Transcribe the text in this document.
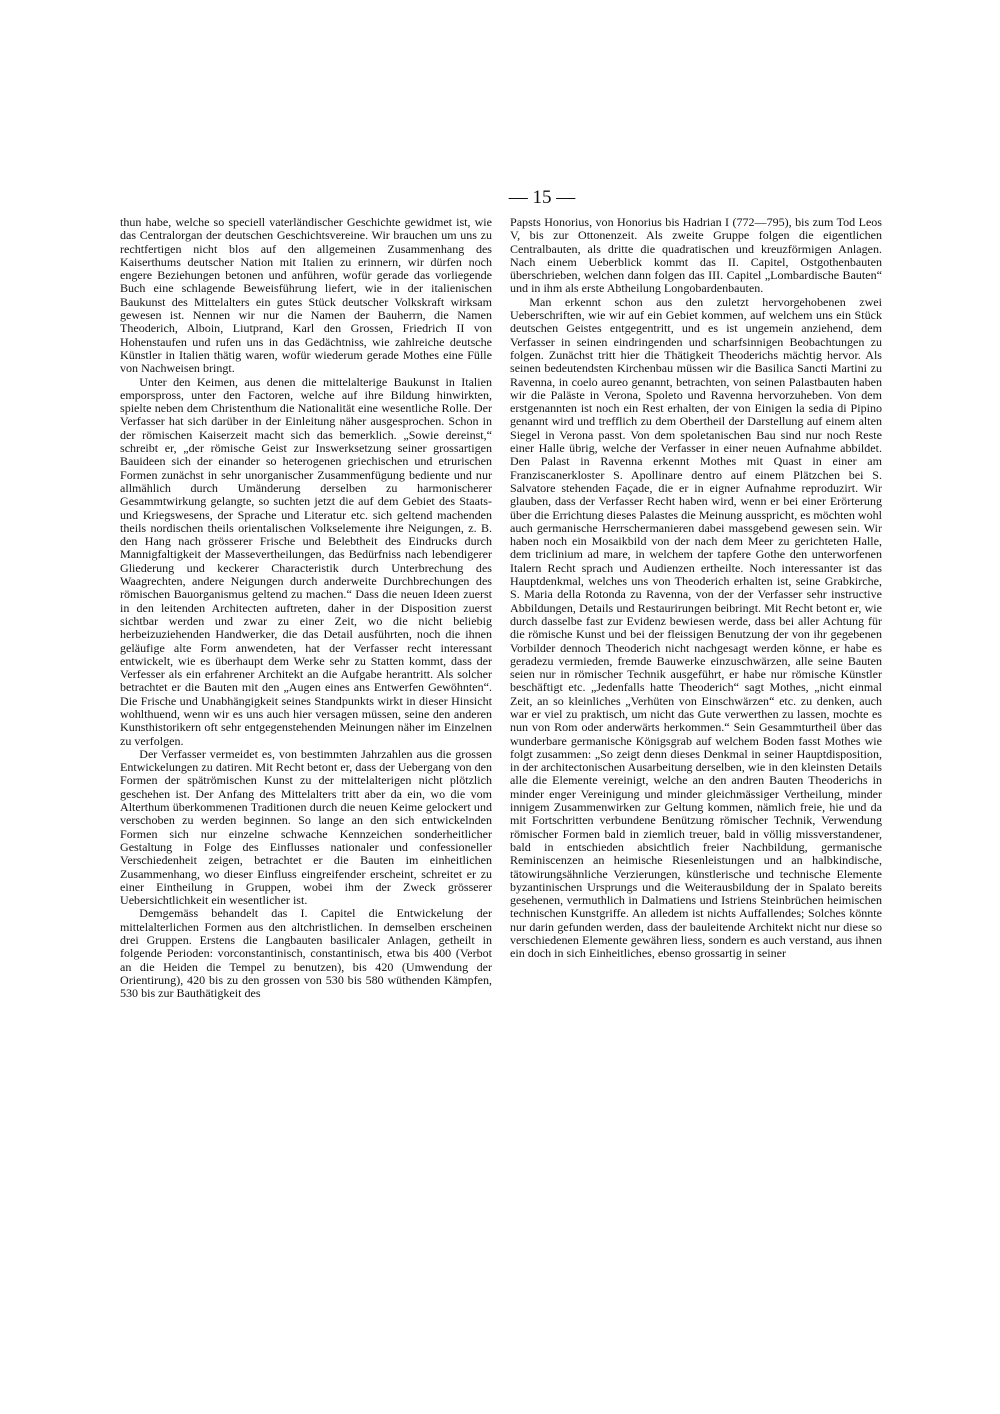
— 15 —

thun habe, welche so speciell vaterländischer Geschichte gewidmet ist, wie das Centralorgan der deutschen Geschichtsvereine. Wir brauchen um uns zu rechtfertigen nicht blos auf den allgemeinen Zusammenhang des Kaiserthums deutscher Nation mit Italien zu erinnern, wir dürfen noch engere Beziehungen betonen und anführen, wofür gerade das vorliegende Buch eine schlagende Beweisführung liefert, wie in der italienischen Baukunst des Mittelalters ein gutes Stück deutscher Volkskraft wirksam gewesen ist. Nennen wir nur die Namen der Bauherrn, die Namen Theoderich, Alboin, Liutprand, Karl den Grossen, Friedrich II von Hohenstaufen und rufen uns in das Gedächtniss, wie zahlreiche deutsche Künstler in Italien thätig waren, wofür wiederum gerade Mothes eine Fülle von Nachweisen bringt.

Unter den Keimen, aus denen die mittelalterige Baukunst in Italien emporspross, unter den Factoren, welche auf ihre Bildung hinwirkten, spielte neben dem Christenthum die Nationalität eine wesentliche Rolle. Der Verfasser hat sich darüber in der Einleitung näher ausgesprochen. Schon in der römischen Kaiserzeit macht sich das bemerklich. „Sowie dereinst,“ schreibt er, „der römische Geist zur Inswerksetzung seiner grossartigen Bauideen sich der einander so heterogenen griechischen und etrurischen Formen zunächst in sehr unorganischer Zusammenfügung bediente und nur allmählich durch Umänderung derselben zu harmonischerer Gesammtwirkung gelangte, so suchten jetzt die auf dem Gebiet des Staats- und Kriegswesens, der Sprache und Literatur etc. sich geltend machenden theils nordischen theils orientalischen Volkselemente ihre Neigungen, z. B. den Hang nach grösserer Frische und Belebtheit des Eindrucks durch Mannigfaltigkeit der Massevertheilungen, das Bedürfniss nach lebendigerer Gliederung und keckerer Characteristik durch Unterbrechung des Waagrechten, andere Neigungen durch anderweite Durchbrechungen des römischen Bauorganismus geltend zu machen.“ Dass die neuen Ideen zuerst in den leitenden Architecten auftreten, daher in der Disposition zuerst sichtbar werden und zwar zu einer Zeit, wo die nicht beliebig herbeizuziehenden Handwerker, die das Detail ausführten, noch die ihnen geläufige alte Form anwendeten, hat der Verfasser recht interessant entwickelt, wie es überhaupt dem Werke sehr zu Statten kommt, dass der Verfesser als ein erfahrener Architekt an die Aufgabe herantritt. Als solcher betrachtet er die Bauten mit den „Augen eines ans Entwerfen Gewöhnten“. Die Frische und Unabhängigkeit seines Standpunkts wirkt in dieser Hinsicht wohlthuend, wenn wir es uns auch hier versagen müssen, seine den anderen Kunsthistorikern oft sehr entgegenstehenden Meinungen näher im Einzelnen zu verfolgen.

Der Verfasser vermeidet es, von bestimmten Jahrzahlen aus die grossen Entwickelungen zu datiren. Mit Recht betont er, dass der Uebergang von den Formen der spätrömischen Kunst zu der mittelalterigen nicht plötzlich geschehen ist. Der Anfang des Mittelalters tritt aber da ein, wo die vom Alterthum überkommenen Traditionen durch die neuen Keime gelockert und verschoben zu werden beginnen. So lange an den sich entwickelnden Formen sich nur einzelne schwache Kennzeichen sonderheitlicher Gestaltung in Folge des Einflusses nationaler und confessioneller Verschiedenheit zeigen, betrachtet er die Bauten im einheitlichen Zusammenhang, wo dieser Einfluss eingreifender erscheint, schreitet er zu einer Eintheilung in Gruppen, wobei ihm der Zweck grösserer Uebersichtlichkeit ein wesentlicher ist.

Demgemäss behandelt das I. Capitel die Entwickelung der mittelalterlichen Formen aus den altchristlichen. In demselben erscheinen drei Gruppen. Erstens die Langbauten basilicaler Anlagen, getheilt in folgende Perioden: vorconstantinisch, constantinisch, etwa bis 400 (Verbot an die Heiden die Tempel zu benutzen), bis 420 (Umwendung der Orientirung), 420 bis zu den grossen von 530 bis 580 wüthenden Kämpfen, 530 bis zur Bauthätigkeit des

Papsts Honorius, von Honorius bis Hadrian I (772—795), bis zum Tod Leos V, bis zur Ottonenzeit. Als zweite Gruppe folgen die eigentlichen Centralbauten, als dritte die quadratischen und kreuzförmigen Anlagen. Nach einem Ueberblick kommt das II. Capitel, Ostgothenbauten überschrieben, welchen dann folgen das III. Capitel „Lombardische Bauten“ und in ihm als erste Abtheilung Longobardenbauten.

Man erkennt schon aus den zuletzt hervorgehobenen zwei Ueberschriften, wie wir auf ein Gebiet kommen, auf welchem uns ein Stück deutschen Geistes entgegentritt, und es ist ungemein anziehend, dem Verfasser in seinen eindringenden und scharfsinnigen Beobachtungen zu folgen. Zunächst tritt hier die Thätigkeit Theoderichs mächtig hervor. Als seinen bedeutendsten Kirchenbau müssen wir die Basilica Sancti Martini zu Ravenna, in coelo aureo genannt, betrachten, von seinen Palastbauten haben wir die Paläste in Verona, Spoleto und Ravenna hervorzuheben. Von dem erstgenannten ist noch ein Rest erhalten, der von Einigen la sedia di Pipino genannt wird und trefflich zu dem Obertheil der Darstellung auf einem alten Siegel in Verona passt. Von dem spoletanischen Bau sind nur noch Reste einer Halle übrig, welche der Verfasser in einer neuen Aufnahme abbildet. Den Palast in Ravenna erkennt Mothes mit Quast in einer am Franziscanerkloster S. Apollinare dentro auf einem Plätzchen bei S. Salvatore stehenden Façade, die er in eigner Aufnahme reproduzirt. Wir glauben, dass der Verfasser Recht haben wird, wenn er bei einer Erörterung über die Errichtung dieses Palastes die Meinung ausspricht, es möchten wohl auch germanische Herrschermanieren dabei massgebend gewesen sein. Wir haben noch ein Mosaikbild von der nach dem Meer zu gerichteten Halle, dem triclinium ad mare, in welchem der tapfere Gothe den unterworfenen Italern Recht sprach und Audienzen ertheilte. Noch interessanter ist das Hauptdenkmal, welches uns von Theoderich erhalten ist, seine Grabkirche, S. Maria della Rotonda zu Ravenna, von der der Verfasser sehr instructive Abbildungen, Details und Restaurirungen beibringt. Mit Recht betont er, wie durch dasselbe fast zur Evidenz bewiesen werde, dass bei aller Achtung für die römische Kunst und bei der fleissigen Benutzung der von ihr gegebenen Vorbilder dennoch Theoderich nicht nachgesagt werden könne, er habe es geradezu vermieden, fremde Bauwerke einzuschwärzen, alle seine Bauten seien nur in römischer Technik ausgeführt, er habe nur römische Künstler beschäftigt etc. „Jedenfalls hatte Theoderich“ sagt Mothes, „nicht einmal Zeit, an so kleinliches „Verhüten von Einschwärzen“ etc. zu denken, auch war er viel zu praktisch, um nicht das Gute verwerthen zu lassen, mochte es nun von Rom oder anderwärts herkommen.“ Sein Gesammturtheil über das wunderbare germanische Königsgrab auf welchem Boden fasst Mothes wie folgt zusammen: „So zeigt denn dieses Denkmal in seiner Hauptdisposition, in der architectonischen Ausarbeitung derselben, wie in den kleinsten Details alle die Elemente vereinigt, welche an den andren Bauten Theoderichs in minder enger Vereinigung und minder gleichmässiger Vertheilung, minder innigem Zusammenwirken zur Geltung kommen, nämlich freie, hie und da mit Fortschritten verbundene Benützung römischer Technik, Verwendung römischer Formen bald in ziemlich treuer, bald in völlig missverstandener, bald in entschieden absichtlich freier Nachbildung, germanische Reminiscenzen an heimische Riesenleistungen und an halbkindische, tätowirungsähnliche Verzierungen, künstlerische und technische Elemente byzantinischen Ursprungs und die Weiterausbildung der in Spalato bereits gesehenen, vermuthlich in Dalmatiens und Istriens Steinbrüchen heimischen technischen Kunstgriffe. An alledem ist nichts Auffallendes; Solches könnte nur darin gefunden werden, dass der bauleitende Architekt nicht nur diese so verschiedenen Elemente gewähren liess, sondern es auch verstand, aus ihnen ein doch in sich Einheitliches, ebenso grossartig in seiner
